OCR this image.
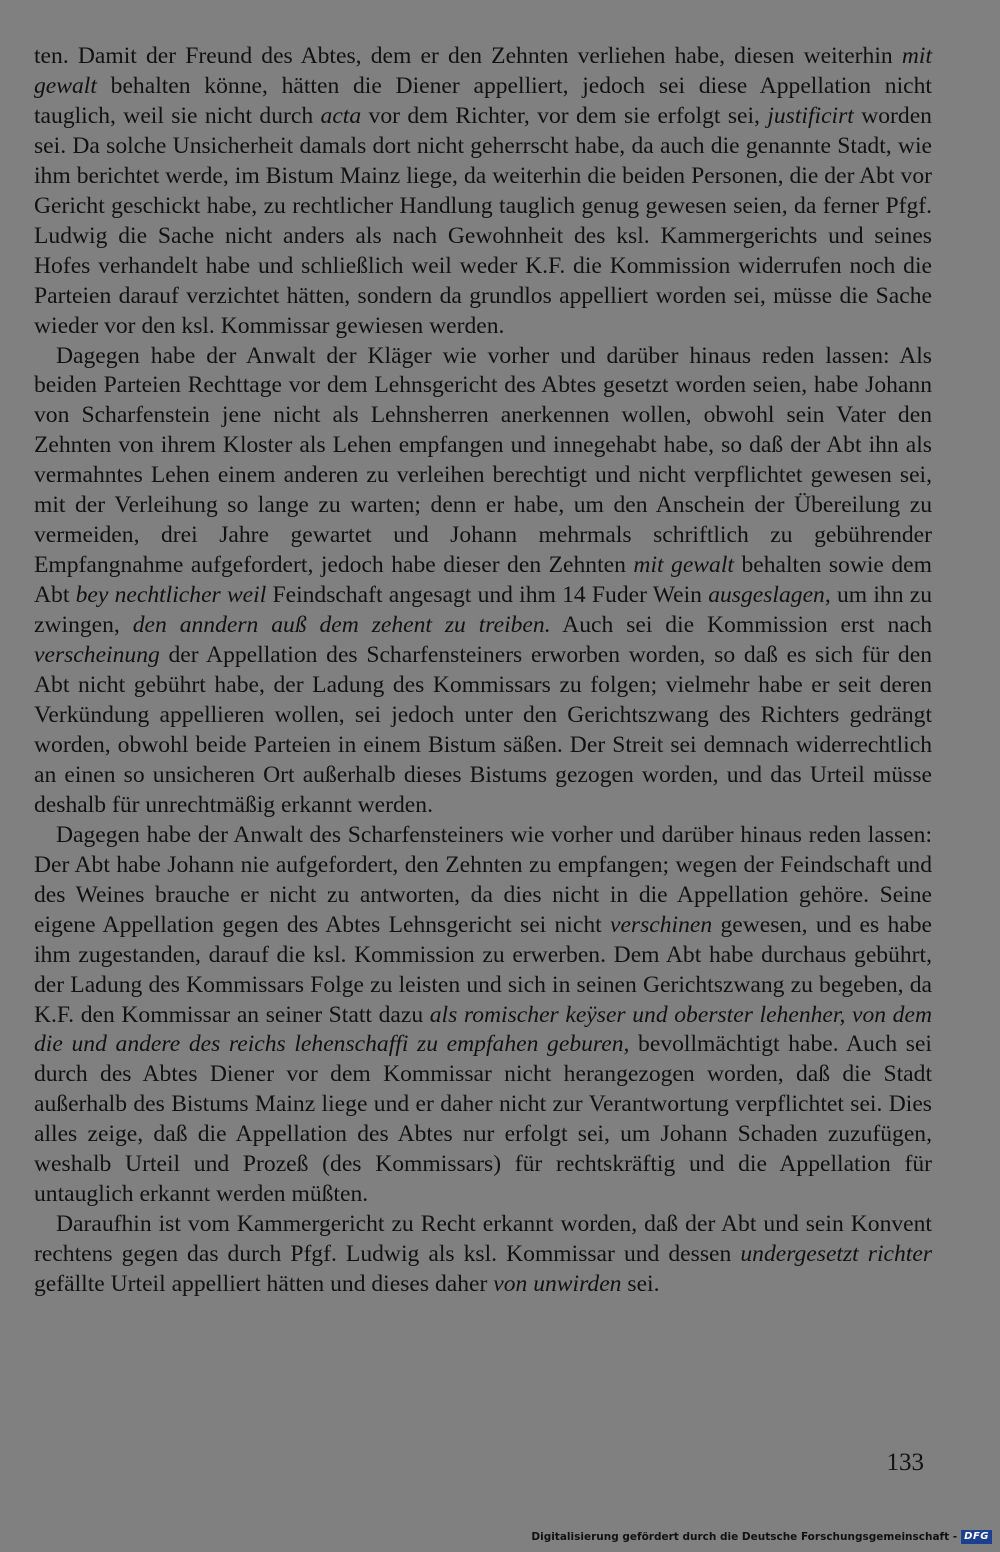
ten. Damit der Freund des Abtes, dem er den Zehnten verliehen habe, diesen weiterhin mit gewalt behalten könne, hätten die Diener appelliert, jedoch sei diese Appellation nicht tauglich, weil sie nicht durch acta vor dem Richter, vor dem sie erfolgt sei, justificirt worden sei. Da solche Unsicherheit damals dort nicht geherrscht habe, da auch die genannte Stadt, wie ihm berichtet werde, im Bistum Mainz liege, da weiterhin die beiden Personen, die der Abt vor Gericht geschickt habe, zu rechtlicher Handlung tauglich genug gewesen seien, da ferner Pfgf. Ludwig die Sache nicht anders als nach Gewohnheit des ksl. Kammergerichts und seines Hofes verhandelt habe und schließlich weil weder K.F. die Kommission widerrufen noch die Parteien darauf verzichtet hätten, sondern da grundlos appelliert worden sei, müsse die Sache wieder vor den ksl. Kommissar gewiesen werden.

Dagegen habe der Anwalt der Kläger wie vorher und darüber hinaus reden lassen: Als beiden Parteien Rechttage vor dem Lehnsgericht des Abtes gesetzt worden seien, habe Johann von Scharfenstein jene nicht als Lehnsherren anerkennen wollen, obwohl sein Vater den Zehnten von ihrem Kloster als Lehen empfangen und innegehabt habe, so daß der Abt ihn als vermahntes Lehen einem anderen zu verleihen berechtigt und nicht verpflichtet gewesen sei, mit der Verleihung so lange zu warten; denn er habe, um den Anschein der Übereilung zu vermeiden, drei Jahre gewartet und Johann mehrmals schriftlich zu gebührender Empfangnahme aufgefordert, jedoch habe dieser den Zehnten mit gewalt behalten sowie dem Abt bey nechtlicher weil Feindschaft angesagt und ihm 14 Fuder Wein ausgeslagen, um ihn zu zwingen, den anndern auß dem zehent zu treiben. Auch sei die Kommission erst nach verscheinung der Appellation des Scharfensteiners erworben worden, so daß es sich für den Abt nicht gebührt habe, der Ladung des Kommissars zu folgen; vielmehr habe er seit deren Verkündung appellieren wollen, sei jedoch unter den Gerichtszwang des Richters gedrängt worden, obwohl beide Parteien in einem Bistum säßen. Der Streit sei demnach widerrechtlich an einen so unsicheren Ort außerhalb dieses Bistums gezogen worden, und das Urteil müsse deshalb für unrechtmäßig erkannt werden.

Dagegen habe der Anwalt des Scharfensteiners wie vorher und darüber hinaus reden lassen: Der Abt habe Johann nie aufgefordert, den Zehnten zu empfangen; wegen der Feindschaft und des Weines brauche er nicht zu antworten, da dies nicht in die Appellation gehöre. Seine eigene Appellation gegen des Abtes Lehnsgericht sei nicht verschinen gewesen, und es habe ihm zugestanden, darauf die ksl. Kommission zu erwerben. Dem Abt habe durchaus gebührt, der Ladung des Kommissars Folge zu leisten und sich in seinen Gerichtszwang zu begeben, da K.F. den Kommissar an seiner Statt dazu als romischer keÿser und oberster lehenher, von dem die und andere des reichs lehenschaffi zu empfahen geburen, bevollmächtigt habe. Auch sei durch des Abtes Diener vor dem Kommissar nicht herangezogen worden, daß die Stadt außerhalb des Bistums Mainz liege und er daher nicht zur Verantwortung verpflichtet sei. Dies alles zeige, daß die Appellation des Abtes nur erfolgt sei, um Johann Schaden zuzufügen, weshalb Urteil und Prozeß (des Kommissars) für rechtskräftig und die Appellation für untauglich erkannt werden müßten.

Daraufhin ist vom Kammergericht zu Recht erkannt worden, daß der Abt und sein Konvent rechtens gegen das durch Pfgf. Ludwig als ksl. Kommissar und dessen undergesetzt richter gefällte Urteil appelliert hätten und dieses daher von unwirden sei.

133
Digitalisierung gefördert durch die Deutsche Forschungsgemeinschaft - DFG
